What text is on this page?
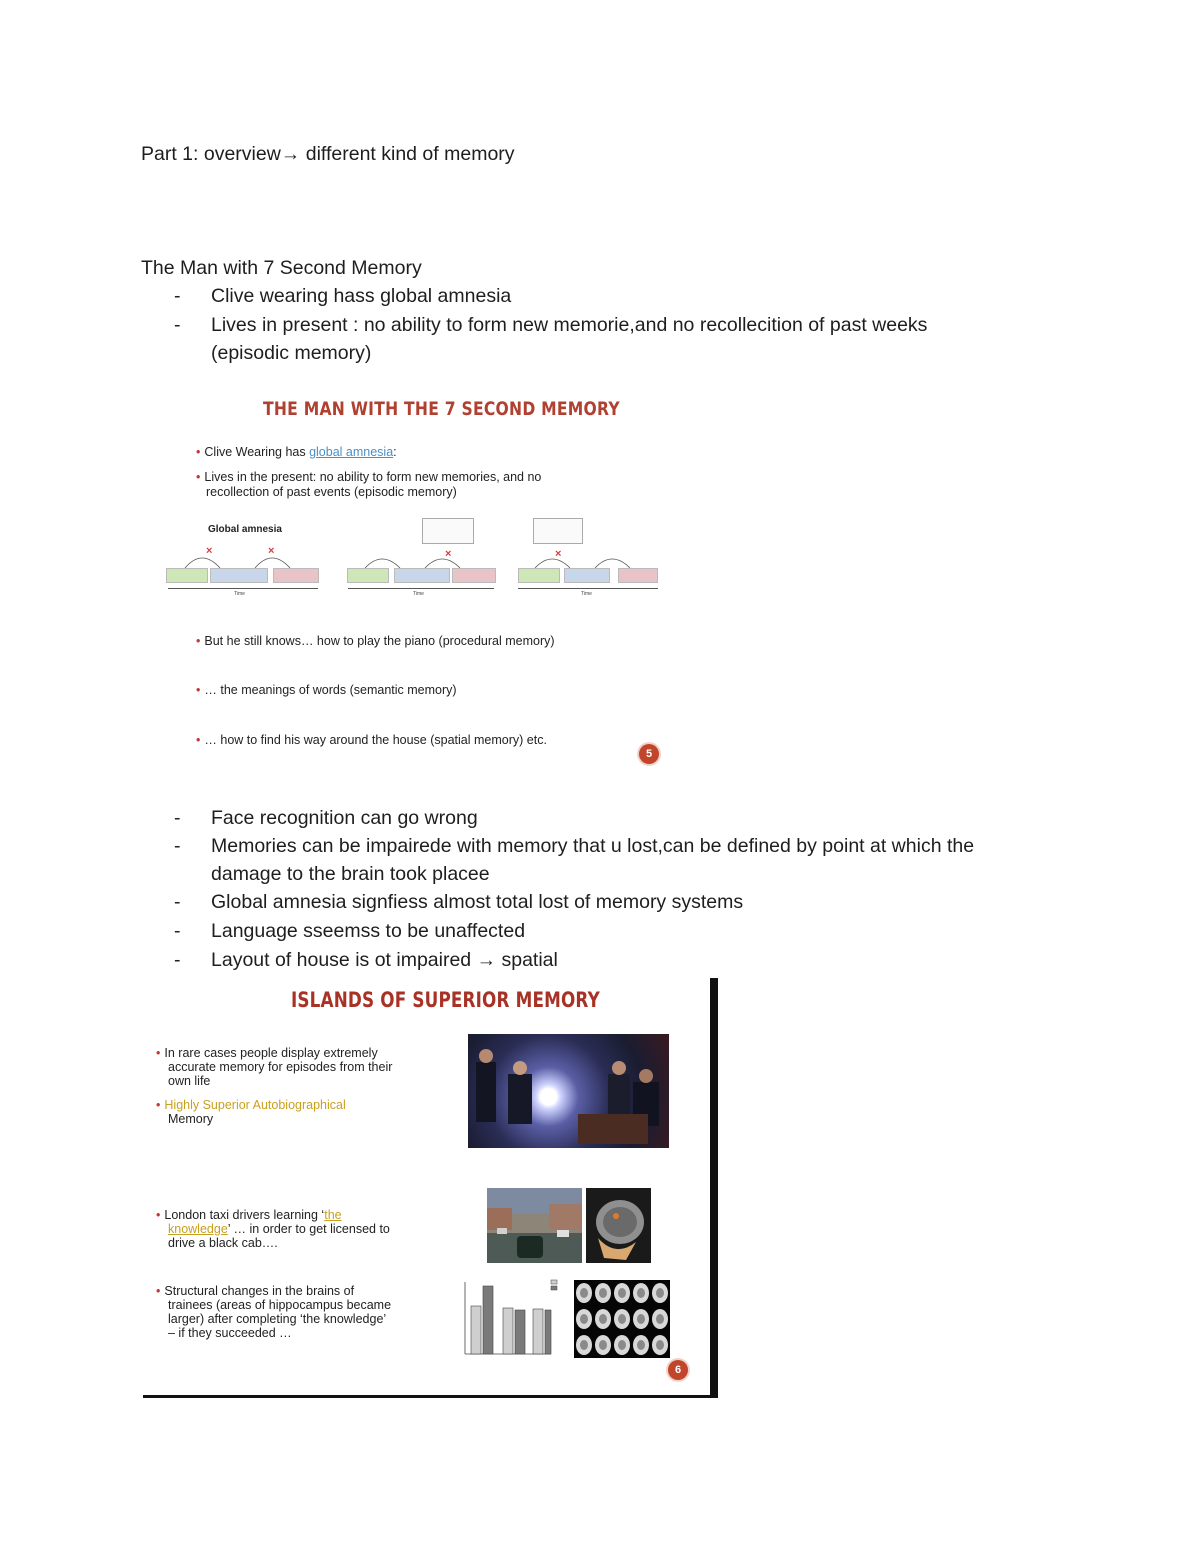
Part 1: overview→ different kind of memory
The Man with 7 Second Memory
- Clive wearing hass global amnesia
- Lives in present : no ability to form new memorie,and no recollecition of past weeks
(episodic memory)
THE MAN WITH THE 7 SECOND MEMORY
• Clive Wearing has global amnesia:
• Lives in the present: no ability to form new memories, and no
recollection of past events (episodic memory)
Global amnesia
×	×	×	×
Time	Time	Time
• But he still knows… how to play the piano (procedural memory)
• … the meanings of words (semantic memory)
• … how to find his way around the house (spatial memory) etc.
5
- Face recognition can go wrong
- Memories can be impairede with memory that u lost,can be defined by point at which the
damage to the brain took placee
- Global amnesia signfiess almost total lost of memory systems
- Language sseemss to be unaffected
- Layout of house is ot impaired → spatial
ISLANDS OF SUPERIOR MEMORY
• In rare cases people display extremely
accurate memory for episodes from their
own life
• Highly Superior Autobiographical
Memory
• London taxi drivers learning ‘the
knowledge’ … in order to get licensed to
drive a black cab….
• Structural changes in the brains of
trainees (areas of hippocampus became
larger) after completing ‘the knowledge’
– if they succeeded …
6
